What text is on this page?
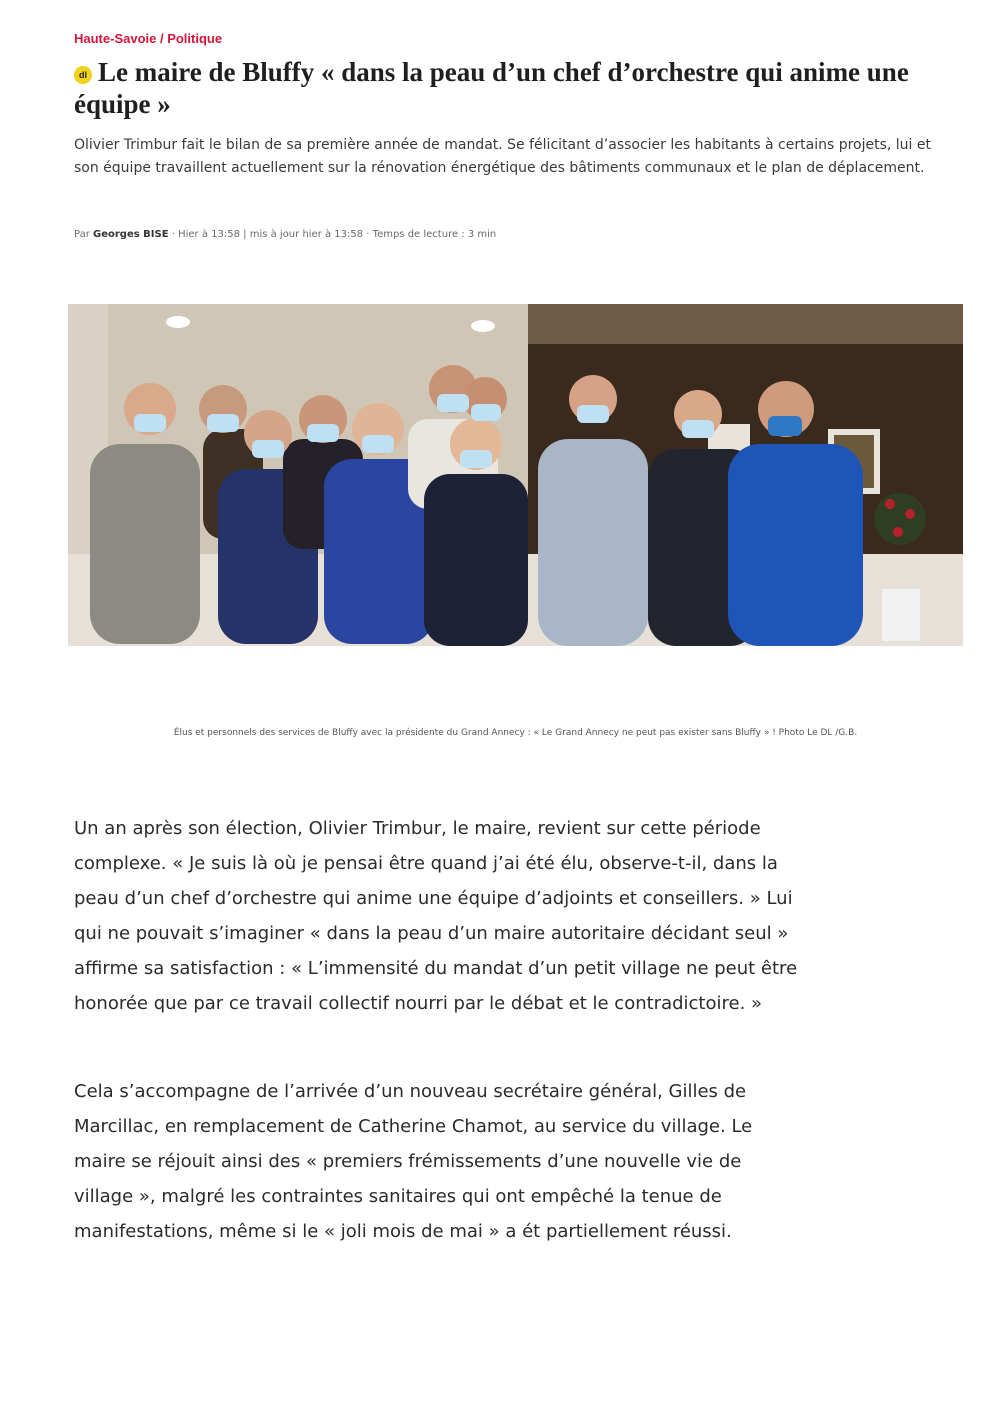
Haute-Savoie / Politique
dl Le maire de Bluffy « dans la peau d’un chef d’orchestre qui anime une équipe »

Olivier Trimbur fait le bilan de sa première année de mandat. Se félicitant d’associer les habitants à certains projets, lui et son équipe travaillent actuellement sur la rénovation énergétique des bâtiments communaux et le plan de déplacement.

Par Georges BISE · Hier à 13:58 | mis à jour hier à 13:58 · Temps de lecture : 3 min
Élus et personnels des services de Bluffy avec la présidente du Grand Annecy : « Le Grand Annecy ne peut pas exister sans Bluffy » ! Photo Le DL /G.B.

Un an après son élection, Olivier Trimbur, le maire, revient sur cette période complexe. « Je suis là où je pensai être quand j’ai été élu, observe-t-il, dans la peau d’un chef d’orchestre qui anime une équipe d’adjoints et conseillers. » Lui qui ne pouvait s’imaginer « dans la peau d’un maire autoritaire décidant seul » affirme sa satisfaction : « L’immensité du mandat d’un petit village ne peut être honorée que par ce travail collectif nourri par le débat et le contradictoire. »

Cela s’accompagne de l’arrivée d’un nouveau secrétaire général, Gilles de Marcillac, en remplacement de Catherine Chamot, au service du village. Le maire se réjouit ainsi des « premiers frémissements d’une nouvelle vie de village », malgré les contraintes sanitaires qui ont empêché la tenue de manifestations, même si le « joli mois de mai » a ét partiellement réussi.
